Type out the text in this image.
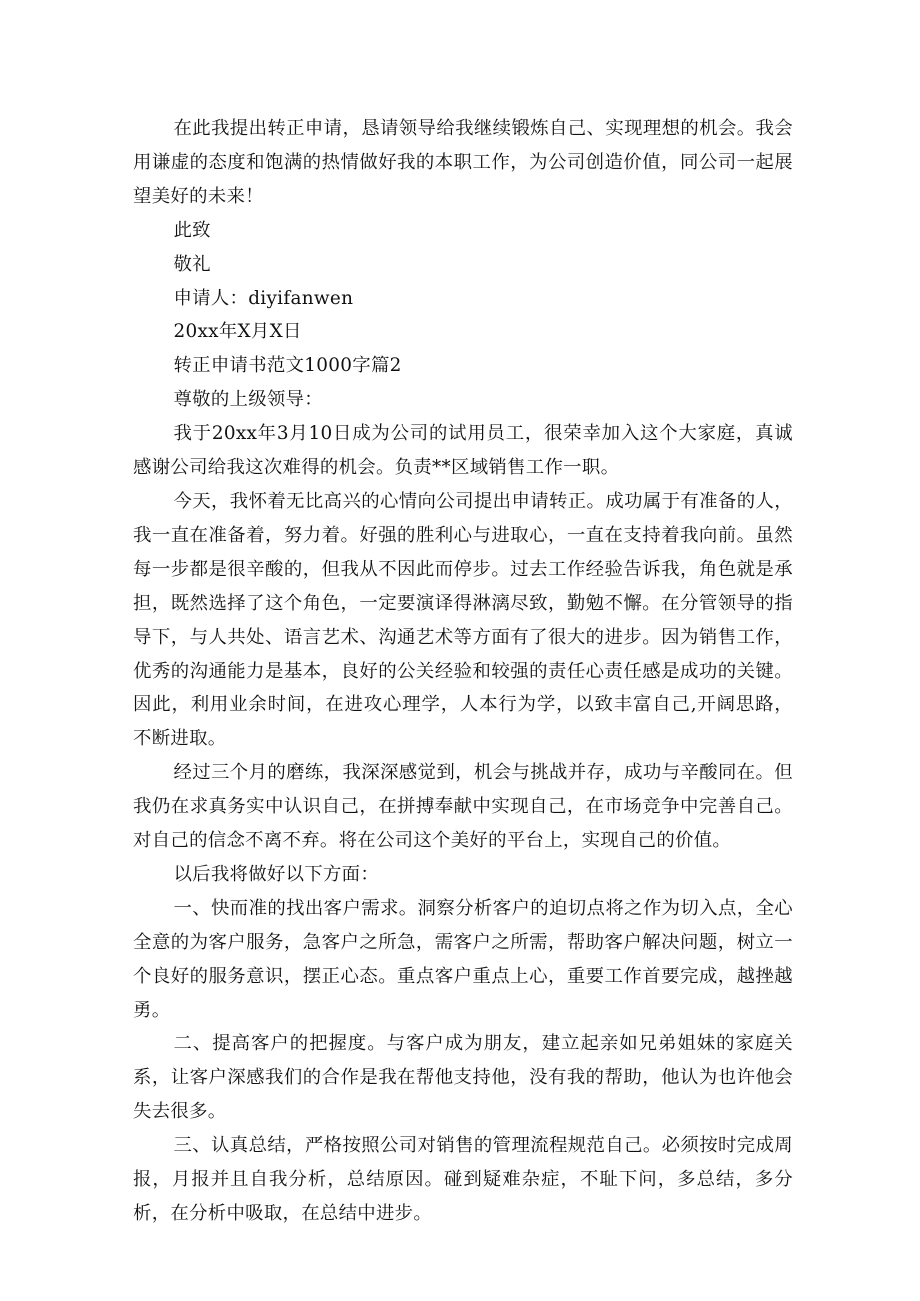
在此我提出转正申请，恳请领导给我继续锻炼自己、实现理想的机会。我会用谦虚的态度和饱满的热情做好我的本职工作，为公司创造价值，同公司一起展望美好的未来！

此致

敬礼

申请人：diyifanwen

20xx年X月X日

转正申请书范文1000字篇2

尊敬的上级领导：

我于20xx年3月10日成为公司的试用员工，很荣幸加入这个大家庭，真诚感谢公司给我这次难得的机会。负责**区域销售工作一职。

今天，我怀着无比高兴的心情向公司提出申请转正。成功属于有准备的人，我一直在准备着，努力着。好强的胜利心与进取心，一直在支持着我向前。虽然每一步都是很辛酸的，但我从不因此而停步。过去工作经验告诉我，角色就是承担，既然选择了这个角色，一定要演译得淋漓尽致，勤勉不懈。在分管领导的指导下，与人共处、语言艺术、沟通艺术等方面有了很大的进步。因为销售工作，优秀的沟通能力是基本，良好的公关经验和较强的责任心责任感是成功的关键。因此，利用业余时间，在进攻心理学，人本行为学，以致丰富自己,开阔思路，不断进取。

经过三个月的磨练，我深深感觉到，机会与挑战并存，成功与辛酸同在。但我仍在求真务实中认识自己，在拼搏奉献中实现自己，在市场竞争中完善自己。对自己的信念不离不弃。将在公司这个美好的平台上，实现自己的价值。

以后我将做好以下方面：

一、快而准的找出客户需求。洞察分析客户的迫切点将之作为切入点，全心全意的为客户服务，急客户之所急，需客户之所需，帮助客户解决问题，树立一个良好的服务意识，摆正心态。重点客户重点上心，重要工作首要完成，越挫越勇。

二、提高客户的把握度。与客户成为朋友，建立起亲如兄弟姐妹的家庭关系，让客户深感我们的合作是我在帮他支持他，没有我的帮助，他认为也许他会失去很多。

三、认真总结，严格按照公司对销售的管理流程规范自己。必须按时完成周报，月报并且自我分析，总结原因。碰到疑难杂症，不耻下问，多总结，多分析，在分析中吸取，在总结中进步。
